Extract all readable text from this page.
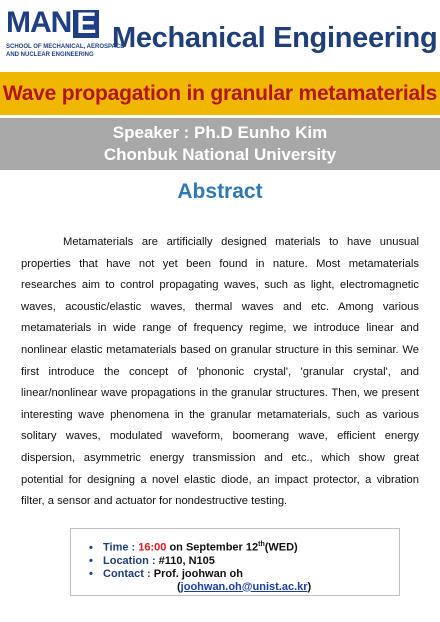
MAN E
SCHOOL OF MECHANICAL, AEROSPACE
AND NUCLEAR ENGINEERING
Mechanical Engineering
Wave propagation in granular metamaterials
Speaker : Ph.D Eunho Kim
Chonbuk National University
Abstract
Metamaterials are artificially designed materials to have unusual properties that have not yet been found in nature. Most metamaterials researches aim to control propagating waves, such as light, electromagnetic waves, acoustic/elastic waves, thermal waves and etc. Among various metamaterials in wide range of frequency regime, we introduce linear and nonlinear elastic metamaterials based on granular structure in this seminar. We first introduce the concept of 'phononic crystal', 'granular crystal', and linear/nonlinear wave propagations in the granular structures. Then, we present interesting wave phenomena in the granular metamaterials, such as various solitary waves, modulated waveform, boomerang wave, efficient energy dispersion, asymmetric energy transmission and etc., which show great potential for designing a novel elastic diode, an impact protector, a vibration filter, a sensor and actuator for nondestructive testing.
• Time : 16:00 on September 12th(WED)
• Location : #110, N105
• Contact : Prof. joohwan oh
(joohwan.oh@unist.ac.kr)
